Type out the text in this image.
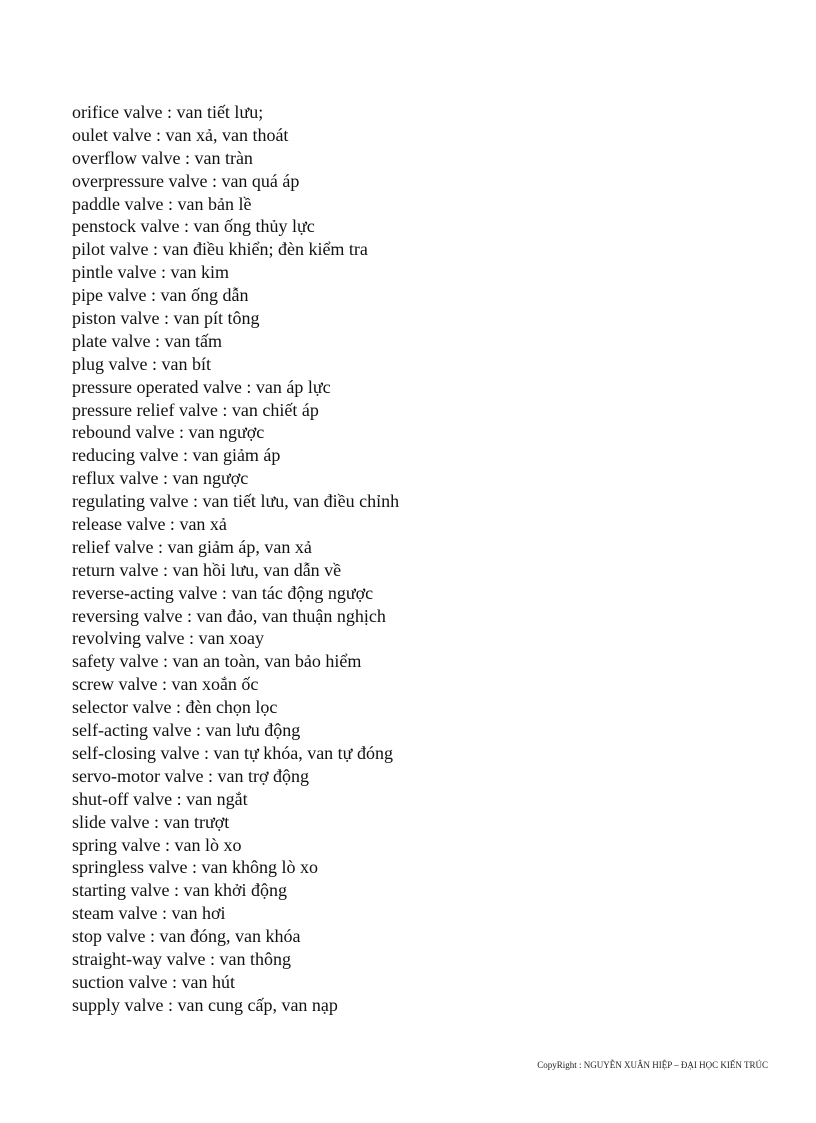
orifice valve : van tiết lưu;
oulet valve : van xả, van thoát
overflow valve : van tràn
overpressure valve : van quá áp
paddle valve : van bản lề
penstock valve : van ống thủy lực
pilot valve : van điều khiển; đèn kiểm tra
pintle valve : van kim
pipe valve : van ống dẫn
piston valve : van pít tông
plate valve : van tấm
plug valve : van bít
pressure operated valve : van áp lực
pressure relief valve : van chiết áp
rebound valve : van ngược
reducing valve : van giảm áp
reflux valve : van ngược
regulating valve : van tiết lưu, van điều chỉnh
release valve : van xả
relief valve : van giảm áp, van xả
return valve : van hồi lưu, van dẫn về
reverse-acting valve : van tác động ngược
reversing valve : van đảo, van thuận nghịch
revolving valve : van xoay
safety valve : van an toàn, van bảo hiểm
screw valve : van xoắn ốc
selector valve : đèn chọn lọc
self-acting valve : van lưu động
self-closing valve : van tự khóa, van tự đóng
servo-motor valve : van trợ động
shut-off valve : van ngắt
slide valve : van trượt
spring valve : van lò xo
springless valve : van không lò xo
starting valve : van khởi động
steam valve : van hơi
stop valve : van đóng, van khóa
straight-way valve : van thông
suction valve : van hút
supply valve : van cung cấp, van nạp
CopyRight : NGUYỄN XUÂN HIỆP – ĐẠI HỌC KIẾN TRÚC
